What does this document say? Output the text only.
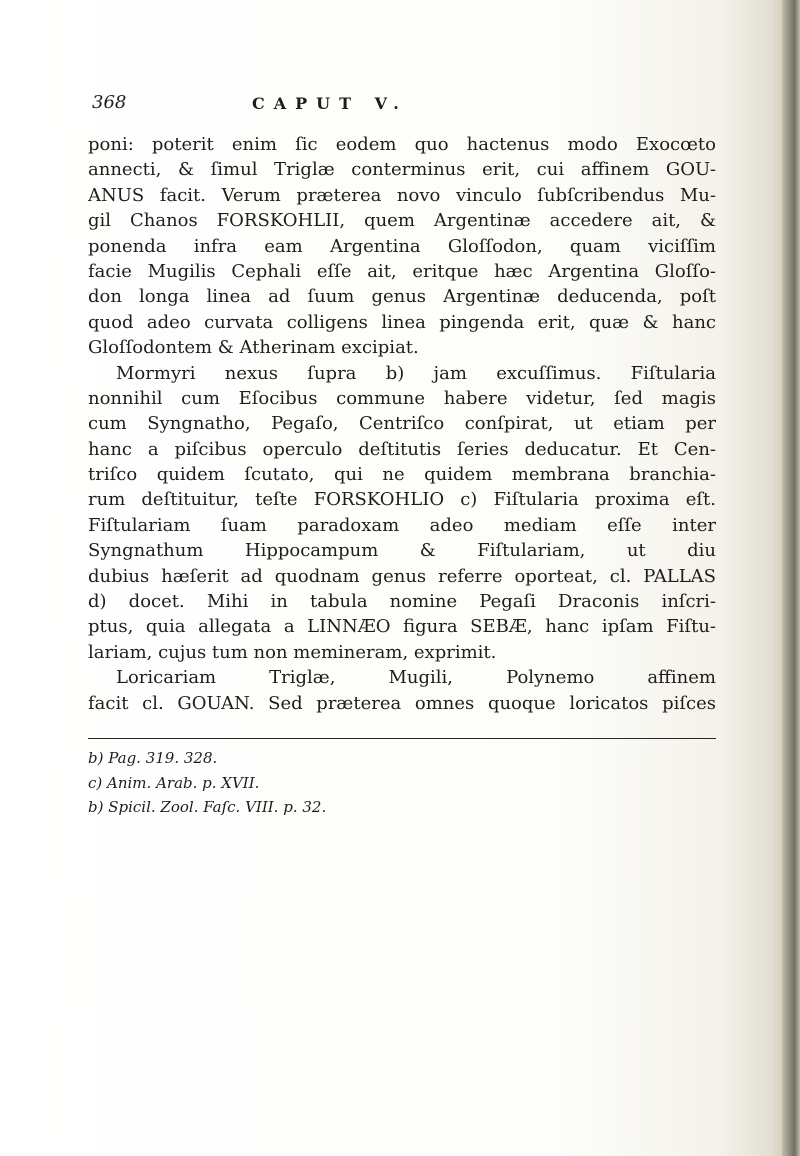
368	CAPUT V.
poni: poterit enim ſic eodem quo hactenus modo Exocœto
annecti, & ſimul Triglæ conterminus erit, cui affinem GOU-
ANUS facit. Verum præterea novo vinculo ſubſcribendus Mu-
gil Chanos FORSKOHLII, quem Argentinæ accedere ait, &
ponenda infra eam Argentina Gloſſodon, quam viciſſim
facie Mugilis Cephali eſſe ait, eritque hæc Argentina Gloſſo-
don longa linea ad ſuum genus Argentinæ deducenda, poſt
quod adeo curvata colligens linea pingenda erit, quæ & hanc
Gloſſodontem & Atherinam excipiat.
Mormyri nexus ſupra b) jam excuſſimus. Fiſtularia
nonnihil cum Eſocibus commune habere videtur, ſed magis
cum Syngnatho, Pegaſo, Centriſco conſpirat, ut etiam per
hanc a piſcibus operculo deſtitutis ſeries deducatur. Et Cen-
triſco quidem ſcutato, qui ne quidem membrana branchia-
rum deſtituitur, teſte FORSKOHLIO c) Fiſtularia proxima eſt.
Fiſtulariam ſuam paradoxam adeo mediam eſſe inter
Syngnathum Hippocampum & Fiſtulariam, ut diu
dubius hæſerit ad quodnam genus referre oporteat, cl. PALLAS
d) docet. Mihi in tabula nomine Pegaſi Draconis inſcri-
ptus, quia allegata a LINNÆO figura SEBÆ, hanc ipſam Fiſtu-
lariam, cujus tum non memineram, exprimit.
Loricariam Triglæ, Mugili, Polynemo affinem
facit cl. GOUAN. Sed præterea omnes quoque loricatos piſces
b) Pag. 319. 328.
c) Anim. Arab. p. XVII.
b) Spicil. Zool. Faſc. VIII. p. 32.
